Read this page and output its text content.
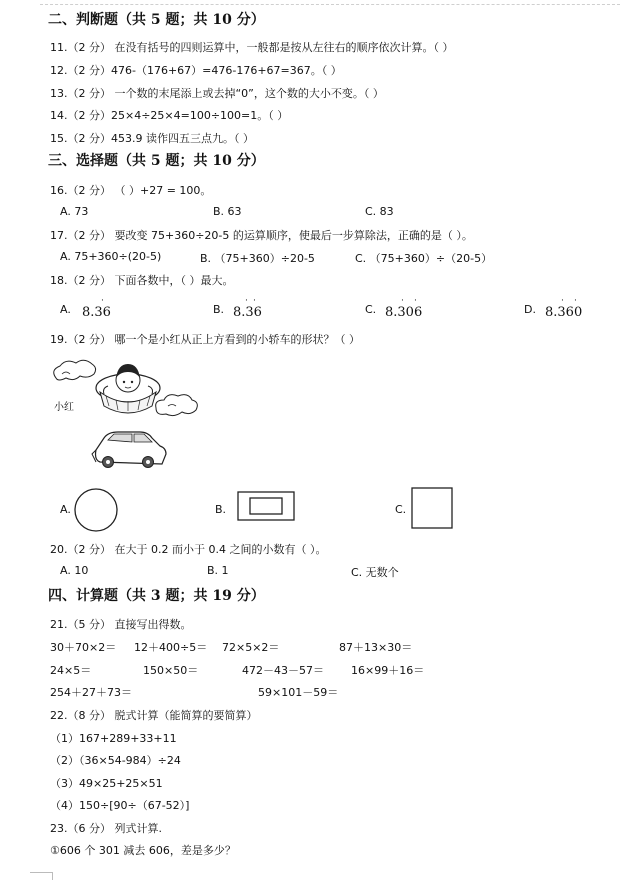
二、判断题（共 5 题；共 10 分）
11.（2 分） 在没有括号的四则运算中，一般都是按从左往右的顺序依次计算。（ ）
12.（2 分）476-（176+67）=476-176+67=367。（ ）
13.（2 分） 一个数的末尾添上或去掉“0”，这个数的大小不变。（ ）
14.（2 分）25×4÷25×4=100÷100=1。（ ）
15.（2 分）453.9 读作四五三点九。（ ）
三、选择题（共 5 题；共 10 分）
16.（2 分） （ ）+27 = 100。
A. 73	B. 63	C. 83
17.（2 分） 要改变 75+360÷20-5 的运算顺序，使最后一步算除法，正确的是（ ）。
A. 75+360÷(20-5)	B. （75+360）÷20-5	C. （75+360）÷（20-5）
18.（2 分） 下面各数中，（ ）最大。
A. 8.36
·
B. 8.36
· ·
C. 8.306
· ·
D. 8.360
· ·
19.（2 分） 哪一个是小红从正上方看到的小轿车的形状？（ ）
小红
A.	B.	C.
20.（2 分） 在大于 0.2 而小于 0.4 之间的小数有（ ）。
A. 10	B. 1	C. 无数个
四、计算题（共 3 题；共 19 分）
21.（5 分） 直接写出得数。
30＋70×2＝ 12＋400÷5＝ 72×5×2＝	87＋13×30＝
24×5＝	150×50＝	472－43－57＝ 16×99＋16＝
254＋27＋73＝	59×101－59＝
22.（8 分） 脱式计算（能简算的要简算）
（1）167+289+33+11
（2）（36×54-984）÷24
（3）49×25+25×51
（4）150÷[90÷（67-52）]
23.（6 分） 列式计算.
①606 个 301 减去 606，差是多少？
